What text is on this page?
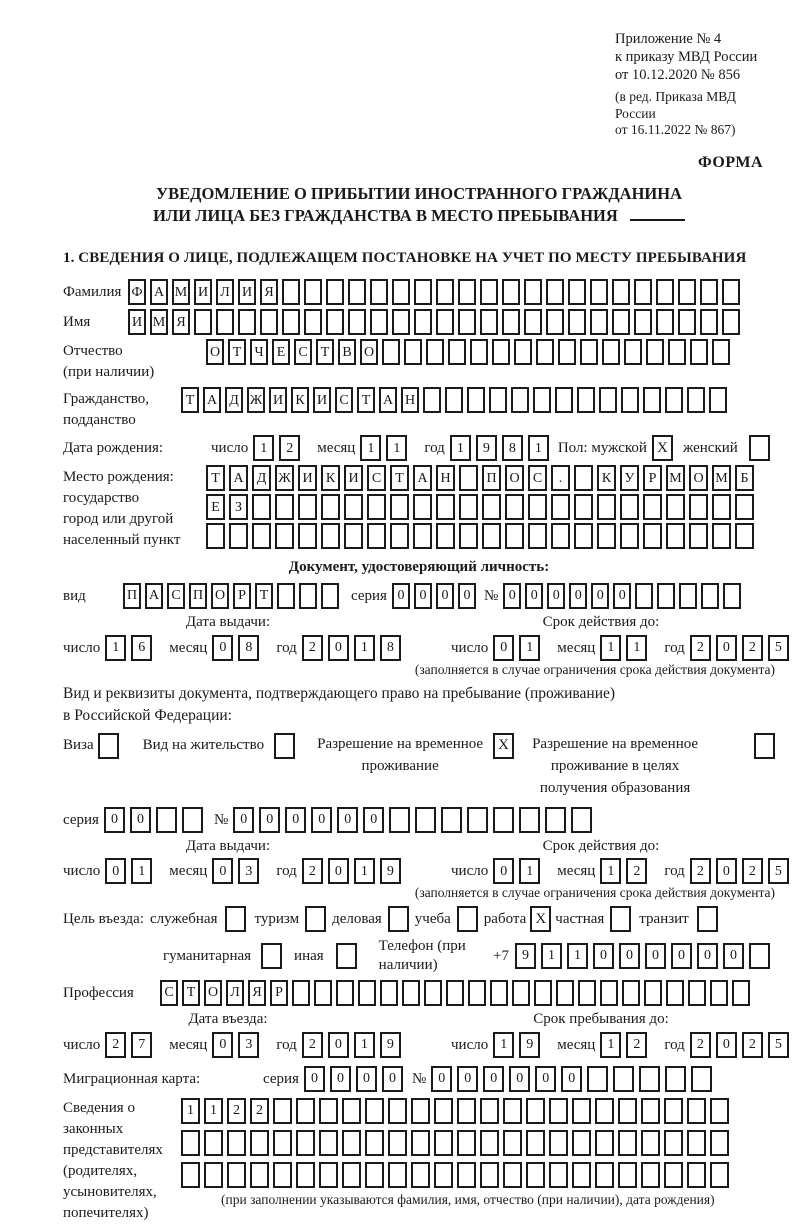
Приложение № 4
к приказу МВД России
от 10.12.2020 № 856
(в ред. Приказа МВД России
от 16.11.2022 № 867)
ФОРМА
УВЕДОМЛЕНИЕ О ПРИБЫТИИ ИНОСТРАННОГО ГРАЖДАНИНА
ИЛИ ЛИЦА БЕЗ ГРАЖДАНСТВА В МЕСТО ПРЕБЫВАНИЯ
1. СВЕДЕНИЯ О ЛИЦЕ, ПОДЛЕЖАЩЕМ ПОСТАНОВКЕ НА УЧЕТ ПО МЕСТУ ПРЕБЫВАНИЯ
Фамилия Ф А М И Л И Я
Имя	И М Я
Отчество
(при наличии)
О Т Ч Е С Т В О
Гражданство,
подданство
Т А Д Ж И К И С Т А Н
Дата рождения:	число 1	2	месяц 1	1	год 1	9	8	1	Пол: мужской X	женский
Место рождения:
государство
город или другой
населенный пункт
Т А Д Ж И К И С	Т А Н	П О С	.	К У	Р М О М Б
Е	З
Документ, удостоверяющий личность:
вид	П А С П О Р Т	серия 0	0	0	0 № 0	0	0	0	0	0
Дата выдачи:
число 1	6	месяц 0	8	год 2	0	1	8
Срок действия до:
число 0	1	месяц 1	1	год 2	0	2	5
(заполняется в случае ограничения срока действия документа)
Вид и реквизиты документа, подтверждающего право на пребывание (проживание)
в Российской Федерации:
Виза	Вид на жительство	Разрешение на временное
проживание
X	Разрешение на временное
проживание в целях
получения образования
серия 0	0	№ 0	0	0	0	0	0
Дата выдачи:
число 0	1	месяц 0	3	год 2	0	1	9
Срок действия до:
число 0	1	месяц 1	2	год 2	0	2	5
(заполняется в случае ограничения срока действия документа)
Цель въезда: служебная туризм деловая учеба работа X частная транзит
гуманитарная	иная
Телефон (при наличии)
+7 9	1	1	0	0	0	0	0	0
Профессия	С Т О Л Я Р
Дата въезда:
число 2	7	месяц 0	3	год 2	0	1	9
Срок пребывания до:
число 1	9	месяц 1	2	год 2	0	2	5
Миграционная карта:	серия 0	0	0	0	№ 0	0	0	0	0	0
Сведения о
законных
представителях
(родителях,
усыновителях,
попечителях)
1	1	2	2
(при заполнении указываются фамилия, имя, отчество (при наличии), дата рождения)
